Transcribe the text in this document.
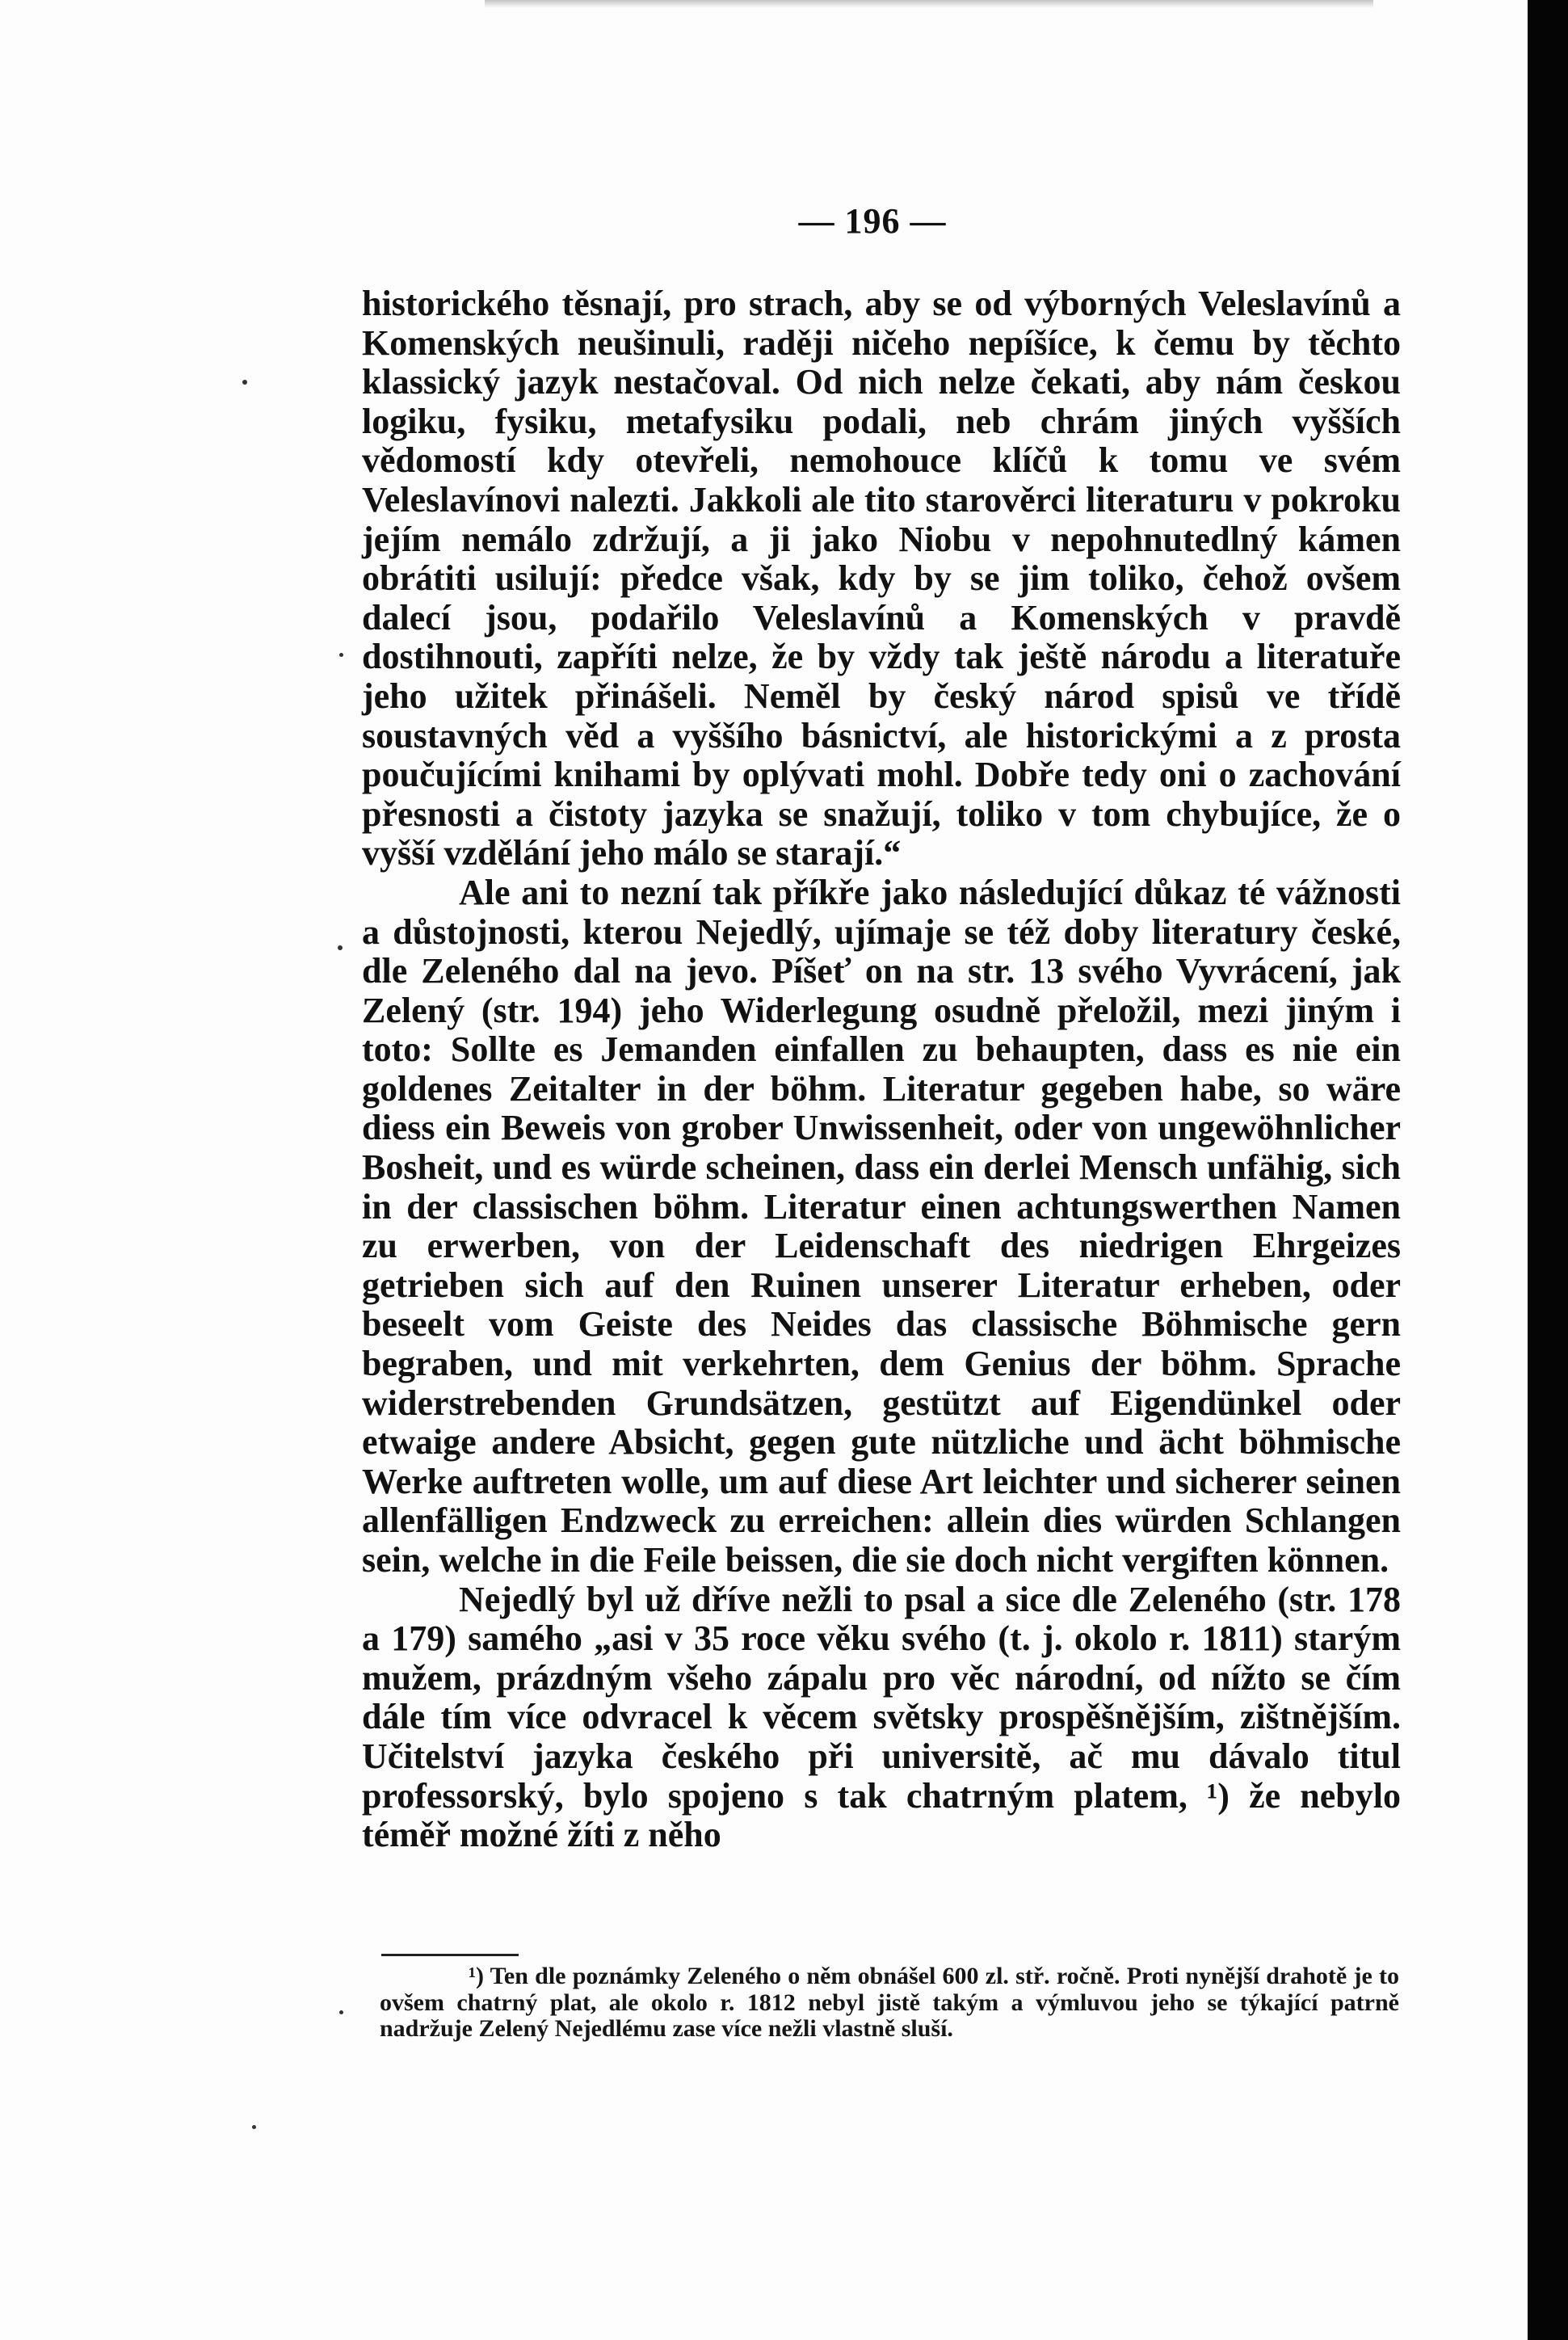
— 196 —

historického těsnají, pro strach, aby se od výborných Veleslavínů a Komenských neušinuli, raději ničeho nepíšíce, k čemu by těchto klassický jazyk nestačoval. Od nich nelze čekati, aby nám českou logiku, fysiku, metafysiku podali, neb chrám jiných vyšších vědomostí kdy otevřeli, nemohouce klíčů k tomu ve svém Veleslavínovi nalezti. Jakkoli ale tito starověrci literaturu v pokroku jejím nemálo zdržují, a ji jako Niobu v nepohnutedlný kámen obrátiti usilují: předce však, kdy by se jim toliko, čehož ovšem dalecí jsou, podařilo Veleslavínů a Komenských v pravdě dostihnouti, zapříti nelze, že by vždy tak ještě národu a literatuře jeho užitek přinášeli. Neměl by český národ spisů ve třídě soustavných věd a vyššího básnictví, ale historickými a z prosta poučujícími knihami by oplývati mohl. Dobře tedy oni o zachování přesnosti a čistoty jazyka se snažují, toliko v tom chybujíce, že o vyšší vzdělání jeho málo se starají.“

Ale ani to nezní tak příkře jako následující důkaz té vážnosti a důstojnosti, kterou Nejedlý, ujímaje se též doby literatury české, dle Zeleného dal na jevo. Píšeť on na str. 13 svého Vyvrácení, jak Zelený (str. 194) jeho Widerlegung osudně přeložil, mezi jiným i toto: Sollte es Jemanden einfallen zu behaupten, dass es nie ein goldenes Zeitalter in der böhm. Literatur gegeben habe, so wäre diess ein Beweis von grober Unwissenheit, oder von ungewöhnlicher Bosheit, und es würde scheinen, dass ein derlei Mensch unfähig, sich in der classischen böhm. Literatur einen achtungswerthen Namen zu erwerben, von der Leidenschaft des niedrigen Ehrgeizes getrieben sich auf den Ruinen unserer Literatur erheben, oder beseelt vom Geiste des Neides das classische Böhmische gern begraben, und mit verkehrten, dem Genius der böhm. Sprache widerstrebenden Grundsätzen, gestützt auf Eigendünkel oder etwaige andere Absicht, gegen gute nützliche und ächt böhmische Werke auftreten wolle, um auf diese Art leichter und sicherer seinen allenfälligen Endzweck zu erreichen: allein dies würden Schlangen sein, welche in die Feile beissen, die sie doch nicht vergiften können.

Nejedlý byl už dříve nežli to psal a sice dle Zeleného (str. 178 a 179) samého „asi v 35 roce věku svého (t. j. okolo r. 1811) starým mužem, prázdným všeho zápalu pro věc národní, od nížto se čím dále tím více odvracel k věcem světsky prospěšnějším, zištnějším. Učitelství jazyka českého při universitě, ač mu dávalo titul professorský, bylo spojeno s tak chatrným platem, ¹) že nebylo téměř možné žíti z něho

¹) Ten dle poznámky Zeleného o něm obnášel 600 zl. stř. ročně. Proti nynější drahotě je to ovšem chatrný plat, ale okolo r. 1812 nebyl jistě takým a výmluvou jeho se týkající patrně nadržuje Zelený Nejedlému zase více nežli vlastně sluší.
